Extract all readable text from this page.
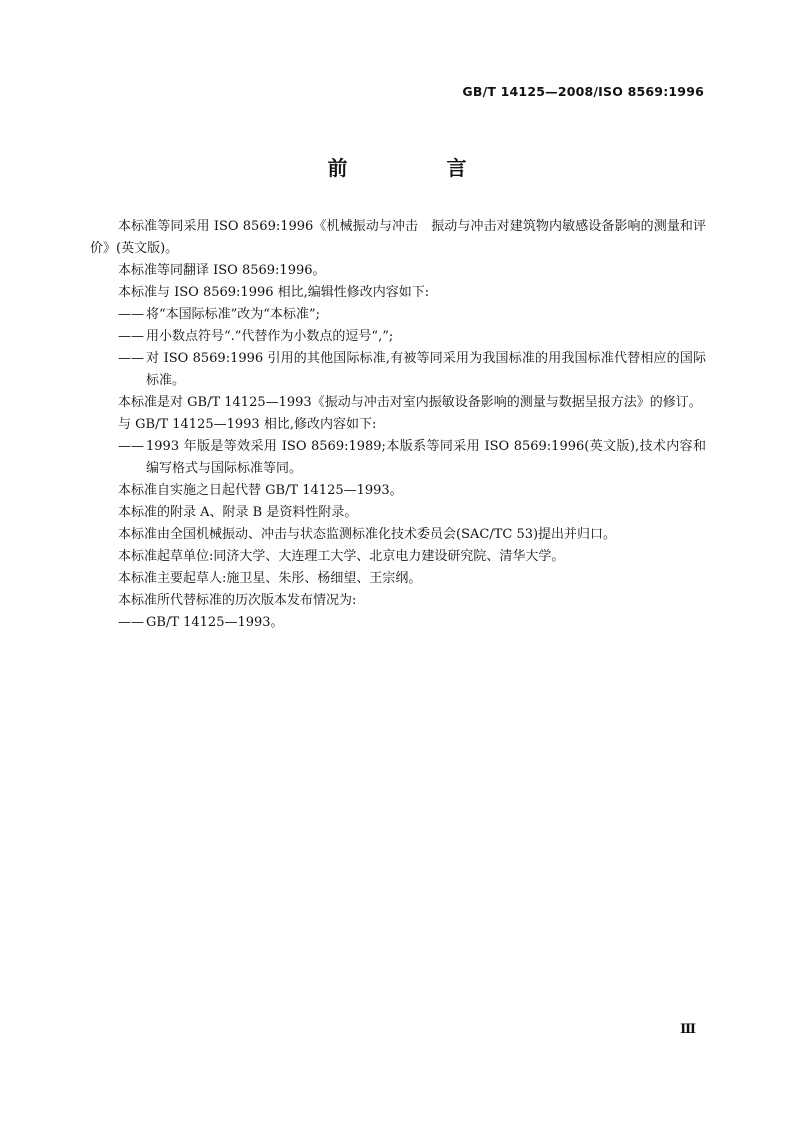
GB/T 14125—2008/ISO 8569:1996
前 言

本标准等同采用 ISO 8569:1996《机械振动与冲击　振动与冲击对建筑物内敏感设备影响的测量和评价》(英文版)。

本标准等同翻译 ISO 8569:1996。

本标准与 ISO 8569:1996 相比,编辑性修改内容如下:

—— 将“本国际标准”改为“本标准”;

—— 用小数点符号“.”代替作为小数点的逗号“,”;

—— 对 ISO 8569:1996 引用的其他国际标准,有被等同采用为我国标准的用我国标准代替相应的国际标准。

本标准是对 GB/T 14125—1993《振动与冲击对室内振敏设备影响的测量与数据呈报方法》的修订。

与 GB/T 14125—1993 相比,修改内容如下:

—— 1993 年版是等效采用 ISO 8569:1989;本版系等同采用 ISO 8569:1996(英文版),技术内容和编写格式与国际标准等同。

本标准自实施之日起代替 GB/T 14125—1993。

本标准的附录 A、附录 B 是资料性附录。

本标准由全国机械振动、冲击与状态监测标准化技术委员会(SAC/TC 53)提出并归口。

本标准起草单位:同济大学、大连理工大学、北京电力建设研究院、清华大学。

本标准主要起草人:施卫星、朱彤、杨细望、王宗纲。

本标准所代替标准的历次版本发布情况为:

—— GB/T 14125—1993。

Ⅲ
